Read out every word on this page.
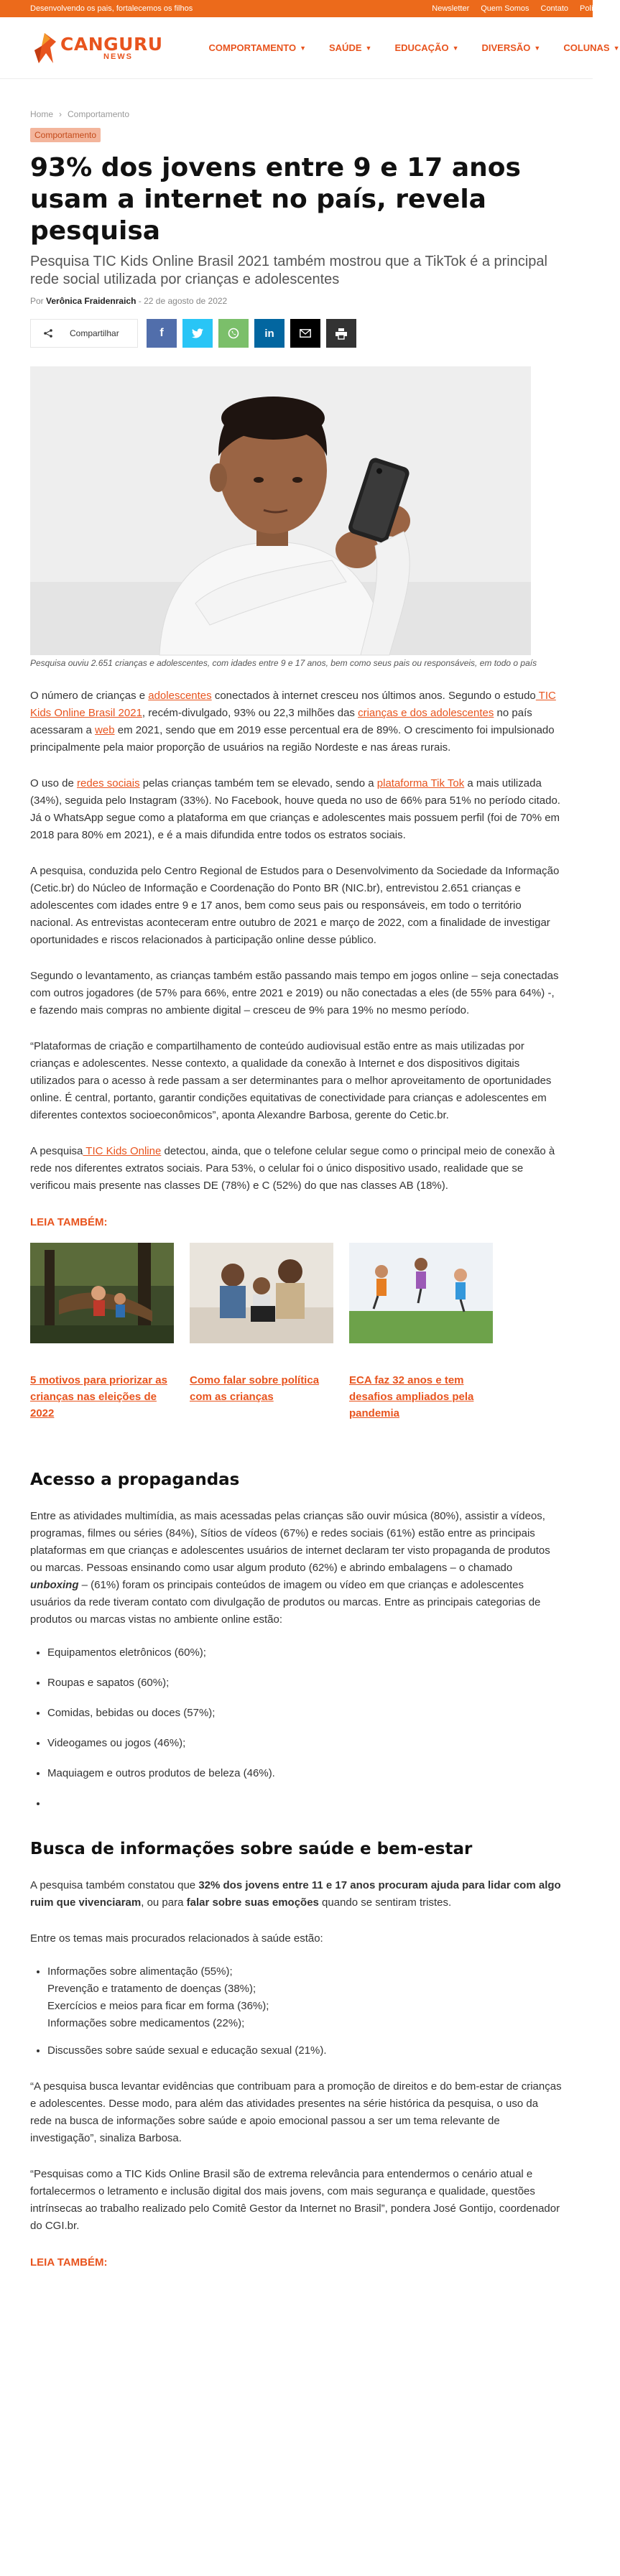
Desenvolvendo os pais, fortalecemos os filhos	Newsletter Quem Somos Contato Polític
CANGURU
NEWS
COMPORTAMENTO ▼ SAÚDE ▼ EDUCAÇÃO ▼ DIVERSÃO ▼ COLUNAS ▼
Home › Comportamento
Comportamento
93% dos jovens entre 9 e 17 anos usam a internet no país, revela pesquisa

Pesquisa TIC Kids Online Brasil 2021 também mostrou que a TikTok é a principal rede social utilizada por crianças e adolescentes

Por Verônica Fraidenraich - 22 de agosto de 2022
Compartilhar	f	in
Pesquisa ouviu 2.651 crianças e adolescentes, com idades entre 9 e 17 anos, bem como seus pais ou responsáveis, em todo o país

O número de crianças e adolescentes conectados à internet cresceu nos últimos anos. Segundo o estudo TIC Kids Online Brasil 2021, recém-divulgado, 93% ou 22,3 milhões das crianças e dos adolescentes no país acessaram a web em 2021, sendo que em 2019 esse percentual era de 89%. O crescimento foi impulsionado principalmente pela maior proporção de usuários na região Nordeste e nas áreas rurais.

O uso de redes sociais pelas crianças também tem se elevado, sendo a plataforma Tik Tok a mais utilizada (34%), seguida pelo Instagram (33%). No Facebook, houve queda no uso de 66% para 51% no período citado. Já o WhatsApp segue como a plataforma em que crianças e adolescentes mais possuem perfil (foi de 70% em 2018 para 80% em 2021), e é a mais difundida entre todos os estratos sociais.

A pesquisa, conduzida pelo Centro Regional de Estudos para o Desenvolvimento da Sociedade da Informação (Cetic.br) do Núcleo de Informação e Coordenação do Ponto BR (NIC.br), entrevistou 2.651 crianças e adolescentes com idades entre 9 e 17 anos, bem como seus pais ou responsáveis, em todo o território nacional. As entrevistas aconteceram entre outubro de 2021 e março de 2022, com a finalidade de investigar oportunidades e riscos relacionados à participação online desse público.

Segundo o levantamento, as crianças também estão passando mais tempo em jogos online – seja conectadas com outros jogadores (de 57% para 66%, entre 2021 e 2019) ou não conectadas a eles (de 55% para 64%) -, e fazendo mais compras no ambiente digital – cresceu de 9% para 19% no mesmo período.

“Plataformas de criação e compartilhamento de conteúdo audiovisual estão entre as mais utilizadas por crianças e adolescentes. Nesse contexto, a qualidade da conexão à Internet e dos dispositivos digitais utilizados para o acesso à rede passam a ser determinantes para o melhor aproveitamento de oportunidades online. É central, portanto, garantir condições equitativas de conectividade para crianças e adolescentes em diferentes contextos socioeconômicos”, aponta Alexandre Barbosa, gerente do Cetic.br.

A pesquisa TIC Kids Online detectou, ainda, que o telefone celular segue como o principal meio de conexão à rede nos diferentes extratos sociais. Para 53%, o celular foi o único dispositivo usado, realidade que se verificou mais presente nas classes DE (78%) e C (52%) do que nas classes AB (18%).

LEIA TAMBÉM:
5 motivos para priorizar as crianças nas eleições de 2022
Como falar sobre política com as crianças
ECA faz 32 anos e tem desafios ampliados pela pandemia
Acesso a propagandas

Entre as atividades multimídia, as mais acessadas pelas crianças são ouvir música (80%), assistir a vídeos, programas, filmes ou séries (84%), Sítios de vídeos (67%) e redes sociais (61%) estão entre as principais plataformas em que crianças e adolescentes usuários de internet declaram ter visto propaganda de produtos ou marcas. Pessoas ensinando como usar algum produto (62%) e abrindo embalagens – o chamado unboxing – (61%) foram os principais conteúdos de imagem ou vídeo em que crianças e adolescentes usuários da rede tiveram contato com divulgação de produtos ou marcas. Entre as principais categorias de produtos ou marcas vistas no ambiente online estão:

• Equipamentos eletrônicos (60%);
• Roupas e sapatos (60%);
• Comidas, bebidas ou doces (57%);
• Videogames ou jogos (46%);
• Maquiagem e outros produtos de beleza (46%).
•
Busca de informações sobre saúde e bem-estar

A pesquisa também constatou que 32% dos jovens entre 11 e 17 anos procuram ajuda para lidar com algo ruim que vivenciaram, ou para falar sobre suas emoções quando se sentiram tristes.

Entre os temas mais procurados relacionados à saúde estão:

• Informações sobre alimentação (55%);
Prevenção e tratamento de doenças (38%);
Exercícios e meios para ficar em forma (36%);
Informações sobre medicamentos (22%);
• Discussões sobre saúde sexual e educação sexual (21%).

“A pesquisa busca levantar evidências que contribuam para a promoção de direitos e do bem-estar de crianças e adolescentes. Desse modo, para além das atividades presentes na série histórica da pesquisa, o uso da rede na busca de informações sobre saúde e apoio emocional passou a ser um tema relevante de investigação”, sinaliza Barbosa.

“Pesquisas como a TIC Kids Online Brasil são de extrema relevância para entendermos o cenário atual e fortalecermos o letramento e inclusão digital dos mais jovens, com mais segurança e qualidade, questões intrínsecas ao trabalho realizado pelo Comitê Gestor da Internet no Brasil”, pondera José Gontijo, coordenador do CGI.br.

LEIA TAMBÉM:
